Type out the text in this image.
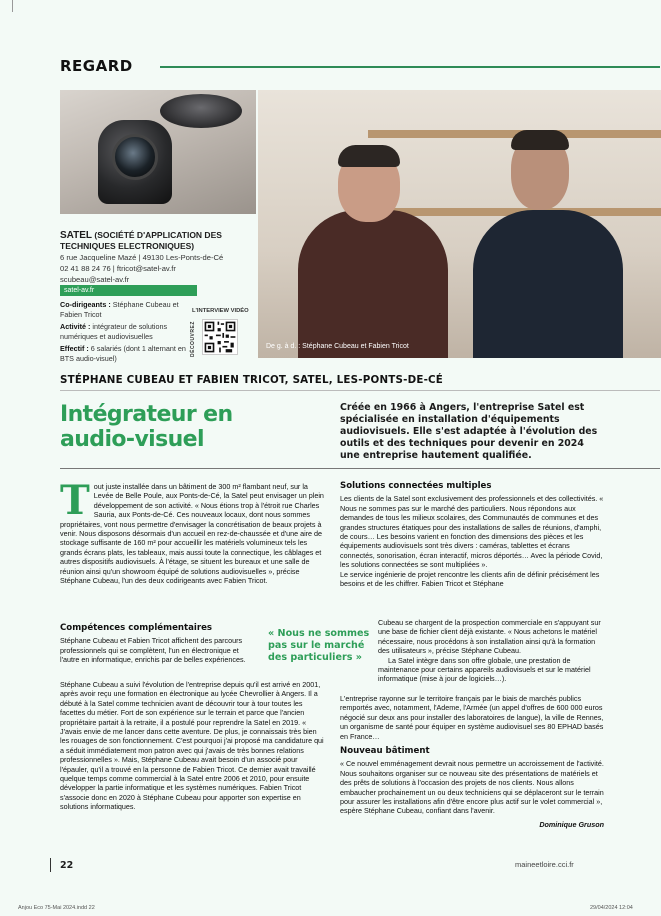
REGARD
De g. à d. : Stéphane Cubeau et Fabien Tricot
SATEL (SOCIÉTÉ D'APPLICATION DES TECHNIQUES ELECTRONIQUES)
6 rue Jacqueline Mazé | 49130 Les-Ponts-de-Cé
02 41 88 24 76 | ftricot@satel-av.fr
scubeau@satel-av.fr
satel-av.fr

Co-dirigeants : Stéphane Cubeau et Fabien Tricot

Activité : intégrateur de solutions numériques et audiovisuelles

Effectif : 6 salariés (dont 1 alternant en BTS audio-visuel)

L'INTERVIEW VIDÉO
DÉCOUVREZ
STÉPHANE CUBEAU ET FABIEN TRICOT, SATEL, LES-PONTS-DE-CÉ
Intégrateur en audio-visuel
Créée en 1966 à Angers, l'entreprise Satel est spécialisée en installation d'équipements audiovisuels. Elle s'est adaptée à l'évolution des outils et des techniques pour devenir en 2024 une entreprise hautement qualifiée.
T out juste installée dans un bâtiment de 300 m² flambant neuf, sur la Levée de Belle Poule, aux Ponts-de-Cé, la Satel peut envisager un plein développement de son activité. « Nous étions trop à l'étroit rue Charles Sauria, aux Ponts-de-Cé. Ces nouveaux locaux, dont nous sommes propriétaires, vont nous permettre d'envisager la concrétisation de beaux projets à venir. Nous disposons désormais d'un accueil en rez-de-chaussée et d'une aire de stockage suffisante de 160 m² pour accueillir les matériels volumineux tels les grands écrans plats, les tableaux, mais aussi toute la connectique, les câblages et autres dispositifs audiovisuels. À l'étage, se situent les bureaux et une salle de réunion ainsi qu'un showroom équipé de solutions audiovisuelles », précise Stéphane Cubeau, l'un des deux codirigeants avec Fabien Tricot.
Compétences complémentaires

Stéphane Cubeau et Fabien Tricot affichent des parcours professionnels qui se complètent, l'un en électronique et l'autre en informatique, enrichis par de belles expériences.

Stéphane Cubeau a suivi l'évolution de l'entreprise depuis qu'il est arrivé en 2001, après avoir reçu une formation en électronique au lycée Chevrollier à Angers. Il a débuté à la Satel comme technicien avant de découvrir tour à tour toutes les facettes du métier. Fort de son expérience sur le terrain et parce que l'ancien propriétaire partait à la retraite, il a postulé pour reprendre la Satel en 2019. « J'avais envie de me lancer dans cette aventure. De plus, je connaissais très bien les rouages de son fonctionnement. C'est pourquoi j'ai proposé ma candidature qui a séduit immédiatement mon patron avec qui j'avais de très bonnes relations professionnelles ». Mais, Stéphane Cubeau avait besoin d'un associé pour l'épauler, qu'il a trouvé en la personne de Fabien Tricot. Ce dernier avait travaillé quelque temps comme commercial à la Satel entre 2006 et 2010, pour ensuite développer la partie informatique et les systèmes numériques. Fabien Tricot s'associe donc en 2020 à Stéphane Cubeau pour apporter son expertise en solutions informatiques.

« Nous ne sommes pas sur le marché des particuliers »
Solutions connectées multiples

Les clients de la Satel sont exclusivement des professionnels et des collectivités. « Nous ne sommes pas sur le marché des particuliers. Nous répondons aux demandes de tous les milieux scolaires, des Communautés de communes et des grandes structures étatiques pour des installations de salles de réunions, d'amphi, de cours… Les besoins varient en fonction des dimensions des pièces et les équipements audiovisuels sont très divers : caméras, tablettes et écrans connectés, sonorisation, écran interactif, micros déportés… Avec la période Covid, les solutions connectées se sont multipliées ».

Le service ingénierie de projet rencontre les clients afin de définir précisément les besoins et de les chiffrer. Fabien Tricot et Stéphane

Cubeau se chargent de la prospection commerciale en s'appuyant sur une base de fichier client déjà existante. « Nous achetons le matériel nécessaire, nous procédons à son installation ainsi qu'à la formation des utilisateurs », précise Stéphane Cubeau.

La Satel intègre dans son offre globale, une prestation de maintenance pour certains appareils audiovisuels et sur le matériel informatique (mise à jour de logiciels…).

L'entreprise rayonne sur le territoire français par le biais de marchés publics remportés avec, notamment, l'Ademe, l'Armée (un appel d'offres de 600 000 euros négocié sur deux ans pour installer des laboratoires de langue), la ville de Rennes, un organisme de santé pour équiper en système audiovisuel ses 80 EPHAD basés en France…

Nouveau bâtiment

« Ce nouvel emménagement devrait nous permettre un accroissement de l'activité. Nous souhaitons organiser sur ce nouveau site des présentations de matériels et des prêts de solutions à l'occasion des projets de nos clients. Nous allons embaucher prochainement un ou deux techniciens qui se déplaceront sur le terrain pour assurer les installations afin d'être encore plus actif sur le volet commercial », espère Stéphane Cubeau, confiant dans l'avenir.

Dominique Gruson

22	maineetloire.cci.fr
Anjou Eco 75-Mai 2024.indd 22	29/04/2024 12:04
